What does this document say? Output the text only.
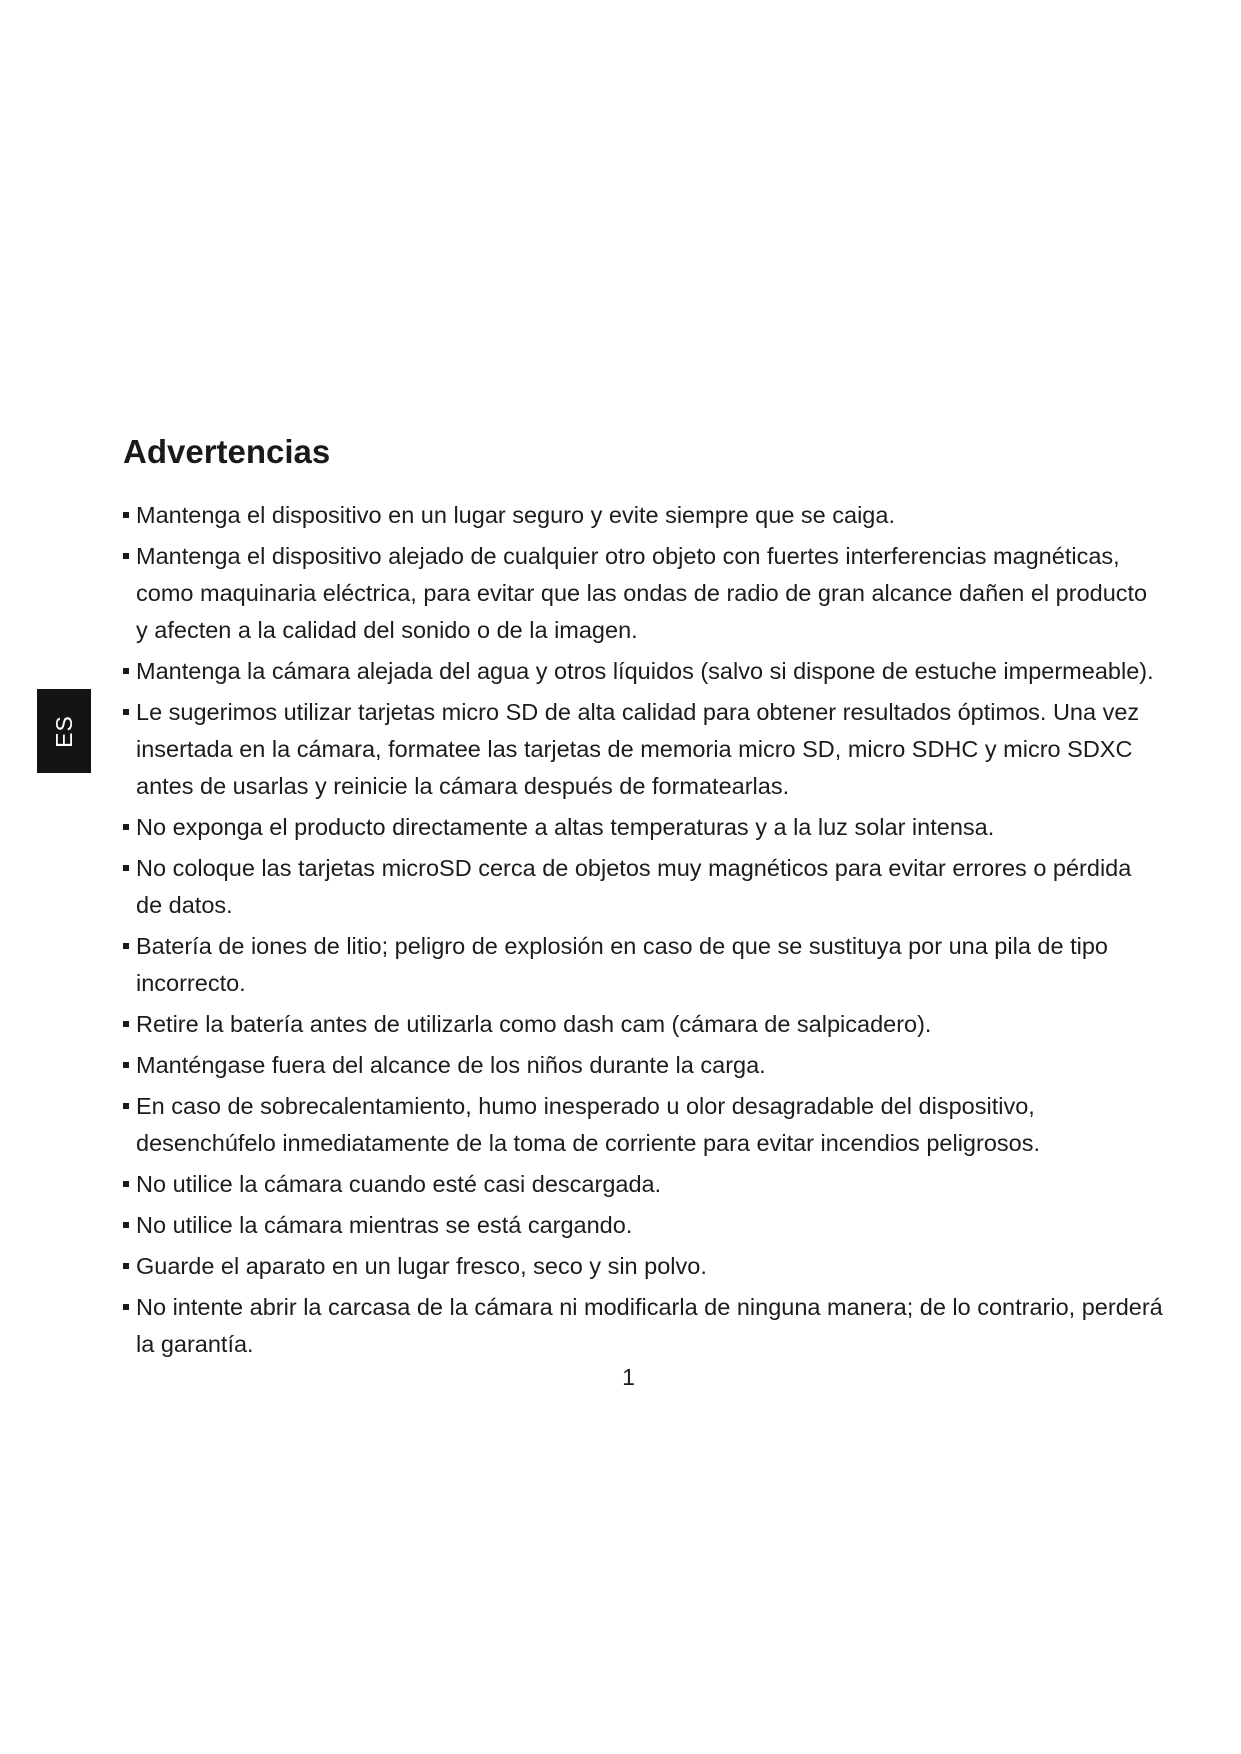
ES
Advertencias
Mantenga el dispositivo en un lugar seguro y evite siempre que se caiga.
Mantenga el dispositivo alejado de cualquier otro objeto con fuertes interferencias magnéticas, como maquinaria eléctrica, para evitar que las ondas de radio de gran alcance dañen el producto y afecten a la calidad del sonido o de la imagen.
Mantenga la cámara alejada del agua y otros líquidos (salvo si dispone de estuche impermeable).
Le sugerimos utilizar tarjetas micro SD de alta calidad para obtener resultados óptimos. Una vez insertada en la cámara, formatee las tarjetas de memoria micro SD, micro SDHC y micro SDXC antes de usarlas y reinicie la cámara después de formatearlas.
No exponga el producto directamente a altas temperaturas y a la luz solar intensa.
No coloque las tarjetas microSD cerca de objetos muy magnéticos para evitar errores o pérdida de datos.
Batería de iones de litio; peligro de explosión en caso de que se sustituya por una pila de tipo incorrecto.
Retire la batería antes de utilizarla como dash cam (cámara de salpicadero).
Manténgase fuera del alcance de los niños durante la carga.
En caso de sobrecalentamiento, humo inesperado u olor desagradable del dispositivo, desenchúfelo inmediatamente de la toma de corriente para evitar incendios peligrosos.
No utilice la cámara cuando esté casi descargada.
No utilice la cámara mientras se está cargando.
Guarde el aparato en un lugar fresco, seco y sin polvo.
No intente abrir la carcasa de la cámara ni modificarla de ninguna manera; de lo contrario, perderá la garantía.
1
